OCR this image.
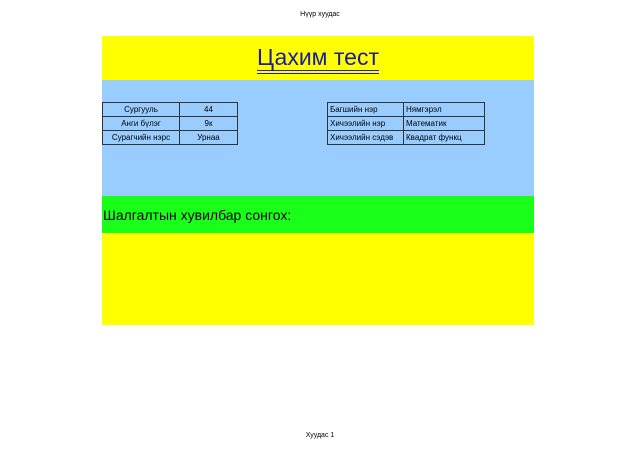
Нүүр хуудас
Цахим тест
Сургууль	44
Анги бүлэг	9к
Сурагчийн нэрс	Урнаа
Багшийн нэр	Нямгэрэл
Хичээлийн нэр	Математик
Хичээлийн сэдэв	Квадрат функц
Шалгалтын хувилбар сонгох:
Хуудас 1
